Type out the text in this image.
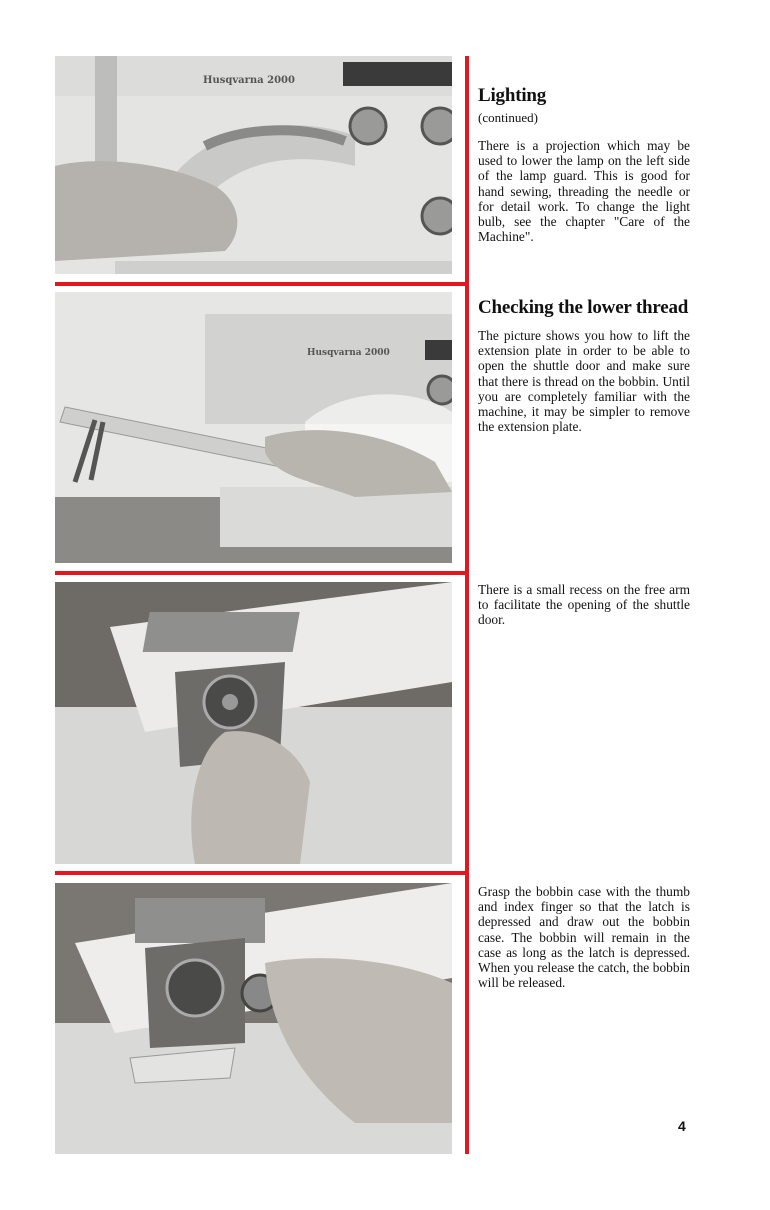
Husqvarna 2000
Husqvarna 2000
Lighting

(continued)

There is a projection which may be used to lower the lamp on the left side of the lamp guard. This is good for hand sewing, threading the needle or for detail work. To change the light bulb, see the chapter "Care of the Machine".

Checking the lower thread

The picture shows you how to lift the extension plate in order to be able to open the shuttle door and make sure that there is thread on the bobbin. Until you are completely familiar with the machine, it may be simpler to remove the extension plate.

There is a small recess on the free arm to facilitate the opening of the shuttle door.

Grasp the bobbin case with the thumb and index finger so that the latch is depressed and draw out the bobbin case. The bobbin will remain in the case as long as the latch is depressed. When you release the catch, the bobbin will be released.

4
